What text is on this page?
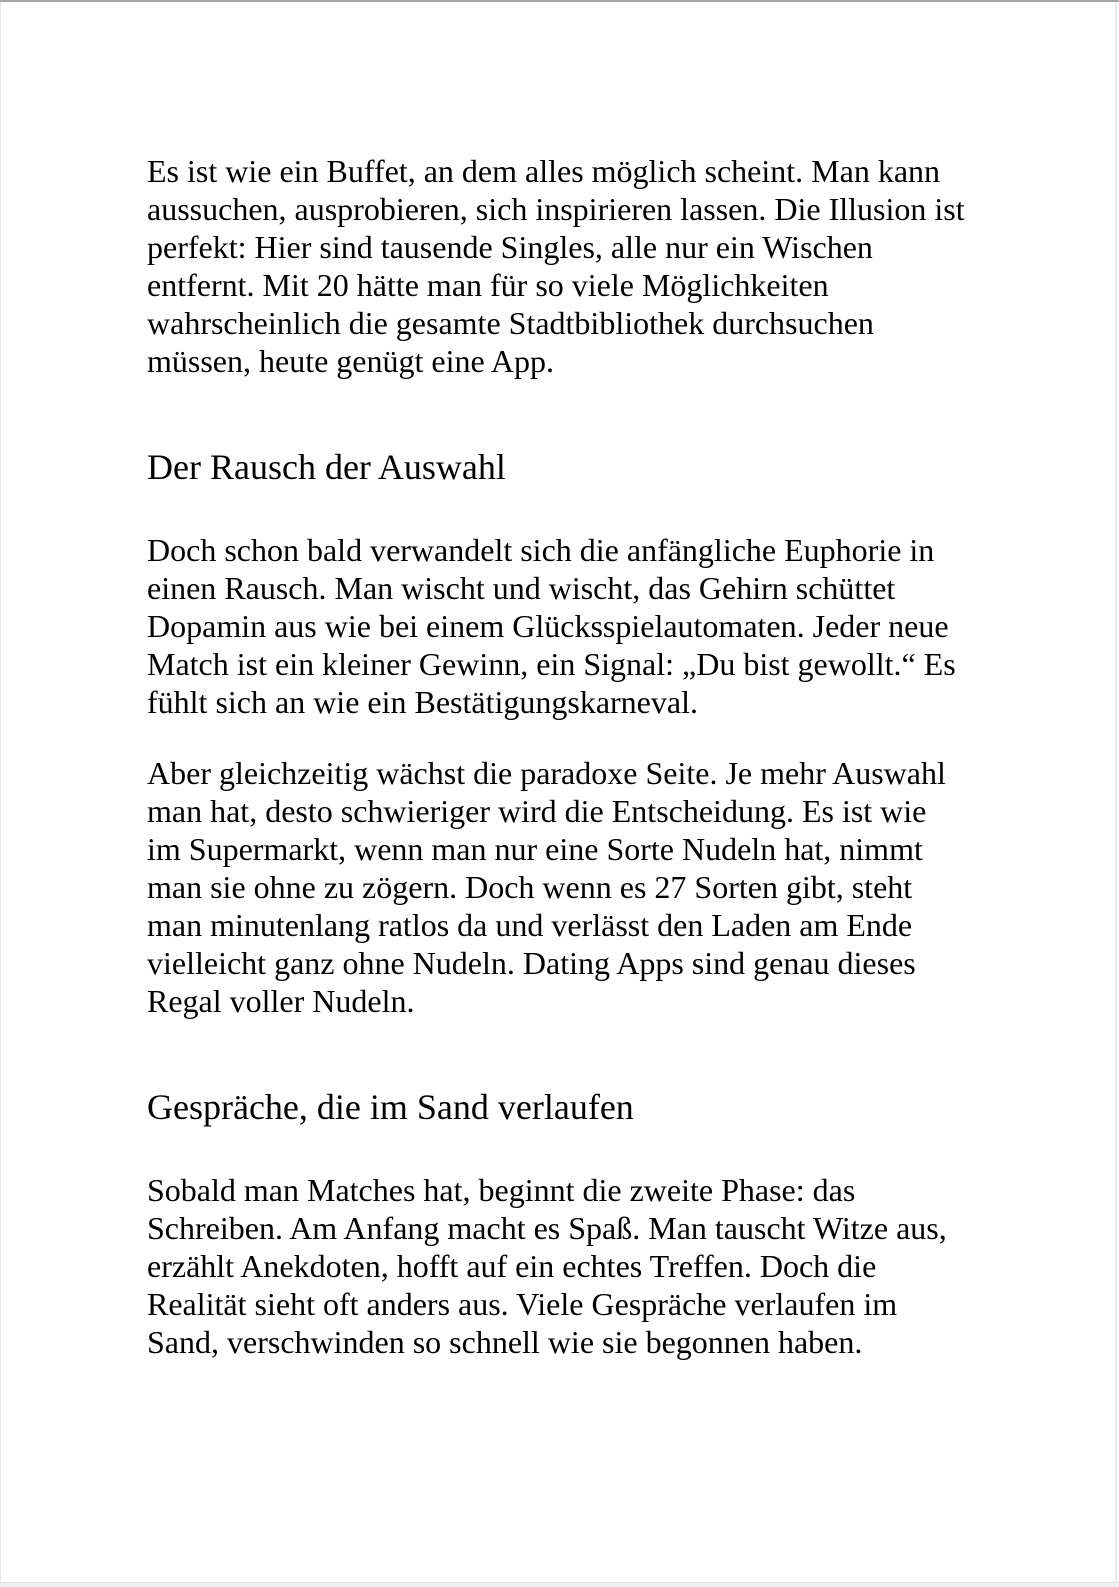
Es ist wie ein Buffet, an dem alles möglich scheint. Man kann
aussuchen, ausprobieren, sich inspirieren lassen. Die Illusion ist
perfekt: Hier sind tausende Singles, alle nur ein Wischen
entfernt. Mit 20 hätte man für so viele Möglichkeiten
wahrscheinlich die gesamte Stadtbibliothek durchsuchen
müssen, heute genügt eine App.
Der Rausch der Auswahl
Doch schon bald verwandelt sich die anfängliche Euphorie in
einen Rausch. Man wischt und wischt, das Gehirn schüttet
Dopamin aus wie bei einem Glücksspielautomaten. Jeder neue
Match ist ein kleiner Gewinn, ein Signal: „Du bist gewollt.“ Es
fühlt sich an wie ein Bestätigungskarneval.
Aber gleichzeitig wächst die paradoxe Seite. Je mehr Auswahl
man hat, desto schwieriger wird die Entscheidung. Es ist wie
im Supermarkt, wenn man nur eine Sorte Nudeln hat, nimmt
man sie ohne zu zögern. Doch wenn es 27 Sorten gibt, steht
man minutenlang ratlos da und verlässt den Laden am Ende
vielleicht ganz ohne Nudeln. Dating Apps sind genau dieses
Regal voller Nudeln.
Gespräche, die im Sand verlaufen
Sobald man Matches hat, beginnt die zweite Phase: das
Schreiben. Am Anfang macht es Spaß. Man tauscht Witze aus,
erzählt Anekdoten, hofft auf ein echtes Treffen. Doch die
Realität sieht oft anders aus. Viele Gespräche verlaufen im
Sand, verschwinden so schnell wie sie begonnen haben.
